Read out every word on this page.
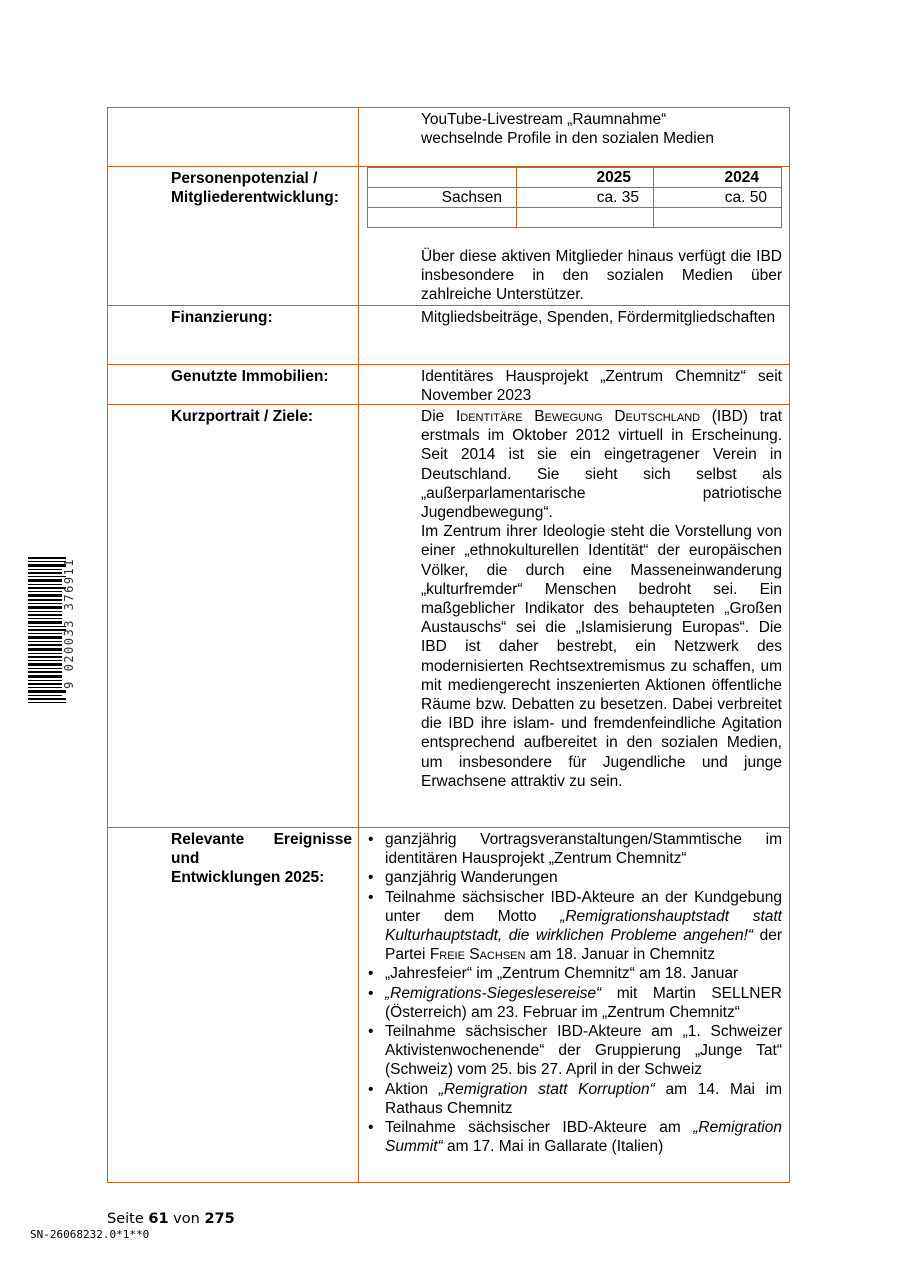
9 020033 376911
YouTube-Livestream „Raumnahme“
wechselnde Profile in den sozialen Medien
Personenpotenzial /
Mitgliederentwicklung:
	2025	2024
Sachsen	ca. 35	ca. 50

Über diese aktiven Mitglieder hinaus verfügt die IBD insbesondere in den sozialen Medien über zahlreiche Unterstützer.
Finanzierung:	Mitgliedsbeiträge, Spenden, Fördermitgliedschaften
Genutzte Immobilien:	Identitäres Hausprojekt „Zentrum Chemnitz“ seit November 2023
Kurzportrait / Ziele:	Die Identitäre Bewegung Deutschland (IBD) trat erstmals im Oktober 2012 virtuell in Erscheinung. Seit 2014 ist sie ein eingetragener Verein in Deutschland. Sie sieht sich selbst als „außerparlamentarische patriotische Jugendbewegung“.
Im Zentrum ihrer Ideologie steht die Vorstellung von einer „ethnokulturellen Identität“ der europäischen Völker, die durch eine Masseneinwanderung „kulturfremder“ Menschen bedroht sei. Ein maßgeblicher Indikator des behaupteten „Großen Austauschs“ sei die „Islamisierung Europas“. Die IBD ist daher bestrebt, ein Netzwerk des modernisierten Rechtsextremismus zu schaffen, um mit mediengerecht inszenierten Aktionen öffentliche Räume bzw. Debatten zu besetzen. Dabei verbreitet die IBD ihre islam- und fremdenfeindliche Agitation entsprechend aufbereitet in den sozialen Medien, um insbesondere für Jugendliche und junge Erwachsene attraktiv zu sein.
Relevante Ereignisse und
Entwicklungen 2025:
• ganzjährig Vortragsveranstaltungen/Stammtische im identitären Hausprojekt „Zentrum Chemnitz“
• ganzjährig Wanderungen
• Teilnahme sächsischer IBD-Akteure an der Kundgebung unter dem Motto „Remigrationshauptstadt statt Kulturhauptstadt, die wirklichen Probleme angehen!“ der Partei Freie Sachsen am 18. Januar in Chemnitz
• „Jahresfeier“ im „Zentrum Chemnitz“ am 18. Januar
• „Remigrations-Siegeslesereise“ mit Martin SELLNER (Österreich) am 23. Februar im „Zentrum Chemnitz“
• Teilnahme sächsischer IBD-Akteure am „1. Schweizer Aktivistenwochenende“ der Gruppierung „Junge Tat“ (Schweiz) vom 25. bis 27. April in der Schweiz
• Aktion „Remigration statt Korruption“ am 14. Mai im Rathaus Chemnitz
• Teilnahme sächsischer IBD-Akteure am „Remigration Summit“ am 17. Mai in Gallarate (Italien)
Seite 61 von 275
SN-26068232.0*1**0
